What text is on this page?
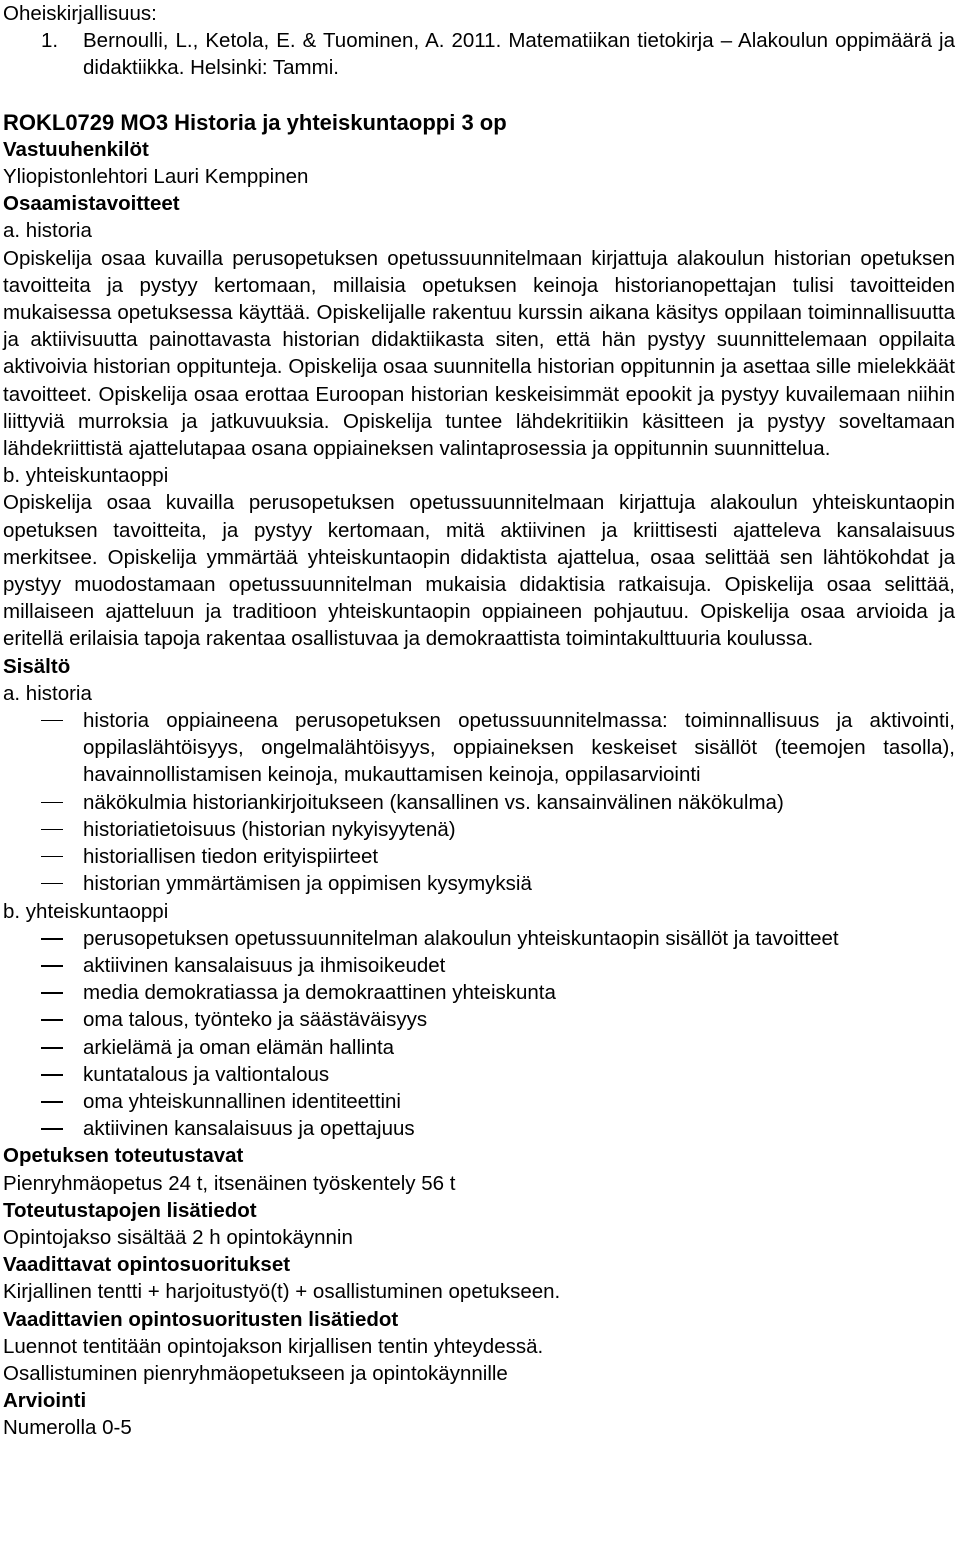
Oheiskirjallisuus:

1. Bernoulli, L., Ketola, E. & Tuominen, A. 2011. Matematiikan tietokirja – Alakoulun oppimäärä ja didaktiikka. Helsinki: Tammi.

ROKL0729 MO3 Historia ja yhteiskuntaoppi 3 op

Vastuuhenkilöt

Yliopistonlehtori Lauri Kemppinen

Osaamistavoitteet

a. historia

Opiskelija osaa kuvailla perusopetuksen opetussuunnitelmaan kirjattuja alakoulun historian opetuksen tavoitteita ja pystyy kertomaan, millaisia opetuksen keinoja historianopettajan tulisi tavoitteiden mukaisessa opetuksessa käyttää. Opiskelijalle rakentuu kurssin aikana käsitys oppilaan toiminnallisuutta ja aktiivisuutta painottavasta historian didaktiikasta siten, että hän pystyy suunnittelemaan oppilaita aktivoivia historian oppitunteja. Opiskelija osaa suunnitella historian oppitunnin ja asettaa sille mielekkäät tavoitteet. Opiskelija osaa erottaa Euroopan historian keskeisimmät epookit ja pystyy kuvailemaan niihin liittyviä murroksia ja jatkuvuuksia. Opiskelija tuntee lähdekritiikin käsitteen ja pystyy soveltamaan lähdekriittistä ajattelutapaa osana oppiaineksen valintaprosessia ja oppitunnin suunnittelua.

b. yhteiskuntaoppi

Opiskelija osaa kuvailla perusopetuksen opetussuunnitelmaan kirjattuja alakoulun yhteiskuntaopin opetuksen tavoitteita, ja pystyy kertomaan, mitä aktiivinen ja kriittisesti ajatteleva kansalaisuus merkitsee. Opiskelija ymmärtää yhteiskuntaopin didaktista ajattelua, osaa selittää sen lähtökohdat ja pystyy muodostamaan opetussuunnitelman mukaisia didaktisia ratkaisuja. Opiskelija osaa selittää, millaiseen ajatteluun ja traditioon yhteiskuntaopin oppiaineen pohjautuu. Opiskelija osaa arvioida ja eritellä erilaisia tapoja rakentaa osallistuvaa ja demokraattista toimintakulttuuria koulussa.

Sisältö

a. historia

historia oppiaineena perusopetuksen opetussuunnitelmassa: toiminnallisuus ja aktivointi, oppilaslähtöisyys, ongelmalähtöisyys, oppiaineksen keskeiset sisällöt (teemojen tasolla), havainnollistamisen keinoja, mukauttamisen keinoja, oppilasarviointi
näkökulmia historiankirjoitukseen (kansallinen vs. kansainvälinen näkökulma)
historiatietoisuus (historian nykyisyytenä)
historiallisen tiedon erityispiirteet
historian ymmärtämisen ja oppimisen kysymyksiä

b. yhteiskuntaoppi

perusopetuksen opetussuunnitelman alakoulun yhteiskuntaopin sisällöt ja tavoitteet
aktiivinen kansalaisuus ja ihmisoikeudet
media demokratiassa ja demokraattinen yhteiskunta
oma talous, työnteko ja säästäväisyys
arkielämä ja oman elämän hallinta
kuntatalous ja valtiontalous
oma yhteiskunnallinen identiteettini
aktiivinen kansalaisuus ja opettajuus

Opetuksen toteutustavat

Pienryhmäopetus 24 t, itsenäinen työskentely 56 t

Toteutustapojen lisätiedot

Opintojakso sisältää 2 h opintokäynnin

Vaadittavat opintosuoritukset

Kirjallinen tentti + harjoitustyö(t) + osallistuminen opetukseen.

Vaadittavien opintosuoritusten lisätiedot

Luennot tentitään opintojakson kirjallisen tentin yhteydessä.

Osallistuminen pienryhmäopetukseen ja opintokäynnille

Arviointi

Numerolla 0-5
